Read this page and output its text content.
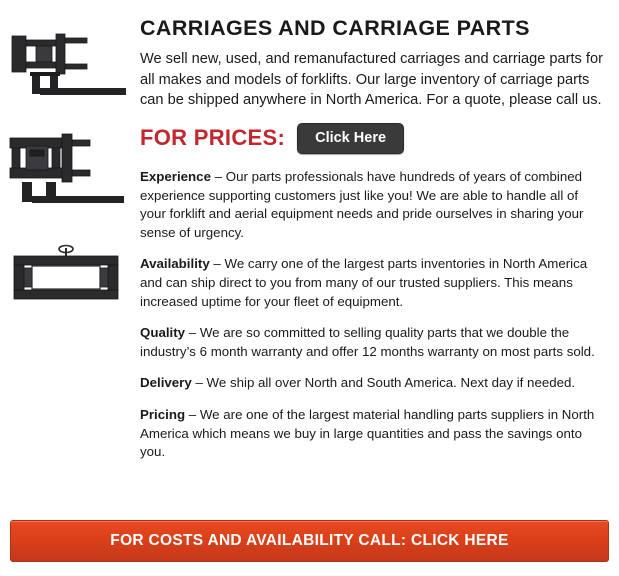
CARRIAGES AND CARRIAGE PARTS

We sell new, used, and remanufactured carriages and carriage parts for all makes and models of forklifts. Our large inventory of carriage parts can be shipped anywhere in North America. For a quote, please call us.

FOR PRICES:	Click Here

Experience – Our parts professionals have hundreds of years of combined experience supporting customers just like you! We are able to handle all of your forklift and aerial equipment needs and pride ourselves in sharing your sense of urgency.

Availability – We carry one of the largest parts inventories in North America and can ship direct to you from many of our trusted suppliers. This means increased uptime for your fleet of equipment.

Quality – We are so committed to selling quality parts that we double the industry’s 6 month warranty and offer 12 months warranty on most parts sold.

Delivery – We ship all over North and South America. Next day if needed.

Pricing – We are one of the largest material handling parts suppliers in North America which means we buy in large quantities and pass the savings onto you.

FOR COSTS AND AVAILABILITY CALL: CLICK HERE
